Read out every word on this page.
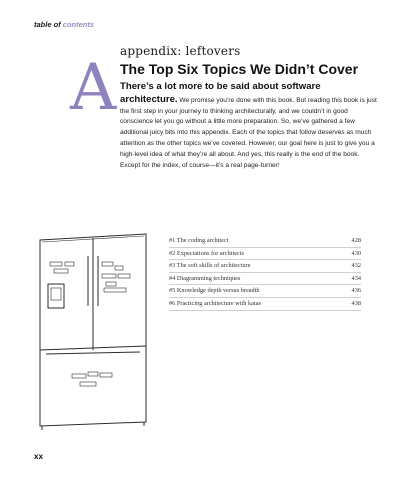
table of contents
A appendix: leftovers
The Top Six Topics We Didn’t Cover
There’s a lot more to be said about software architecture. We promise you’re done with this book. But reading this book is just the first step in your journey to thinking architecturally, and we couldn’t in good conscience let you go without a little more preparation. So, we’ve gathered a few additional juicy bits into this appendix. Each of the topics that follow deserves as much attention as the other topics we’ve covered. However, our goal here is just to give you a high-level idea of what they’re all about. And yes, this really is the end of the book. Except for the index, of course—it’s a real page-turner!
#1 The coding architect	428
#2 Expectations for architects	430
#3 The soft skills of architecture	432
#4 Diagramming techniques	434
#5 Knowledge depth versus breadth	436
#6 Practicing architecture with katas	438
xx
